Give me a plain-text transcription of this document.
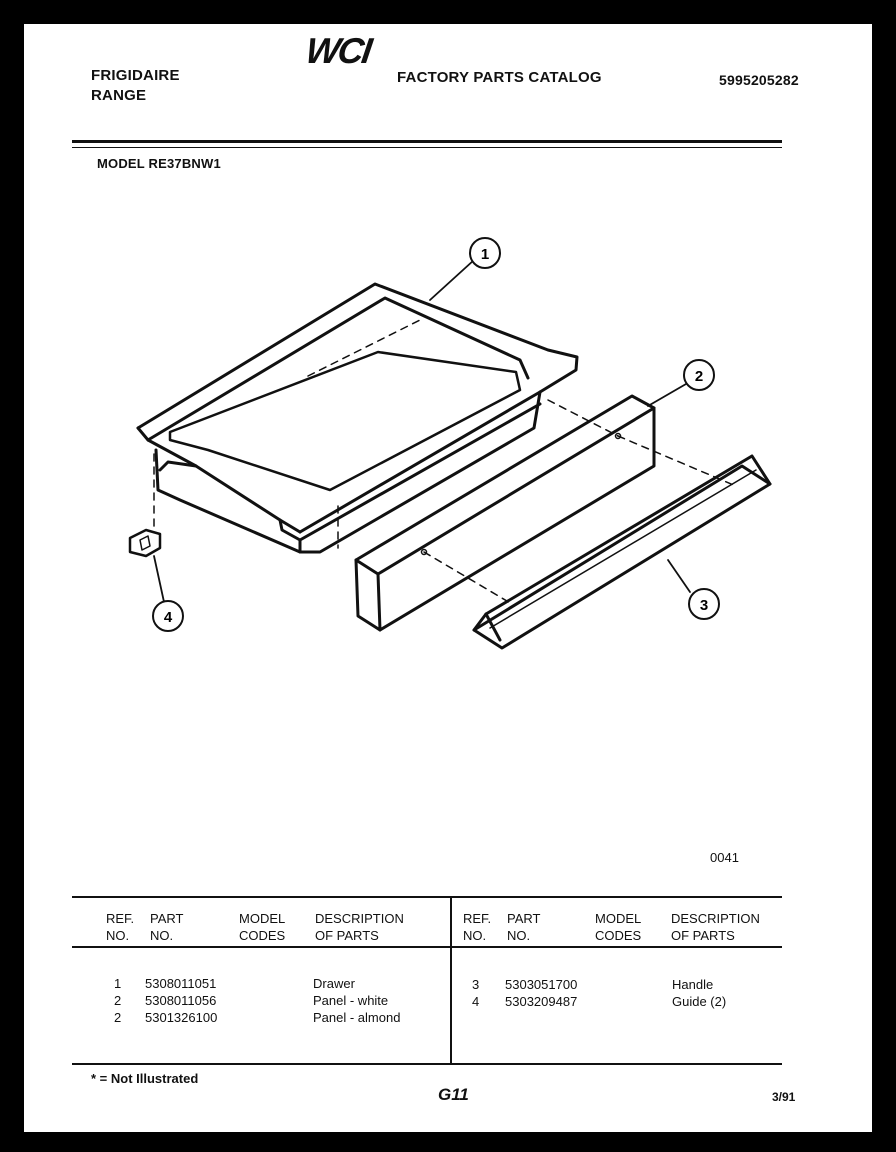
FRIGIDAIRE
RANGE
WCI
FACTORY PARTS CATALOG	5995205282
MODEL RE37BNW1
1
2
3
4
0041
REF.
NO.
PART
NO.
MODEL
CODES
DESCRIPTION
OF PARTS
REF.
NO.
PART
NO.
MODEL
CODES
DESCRIPTION
OF PARTS
1
2
2
5308011051
5308011056
5301326100
Drawer
Panel - white
Panel - almond
3
4
5303051700
5303209487
Handle
Guide (2)
* = Not Illustrated
G11	3/91
